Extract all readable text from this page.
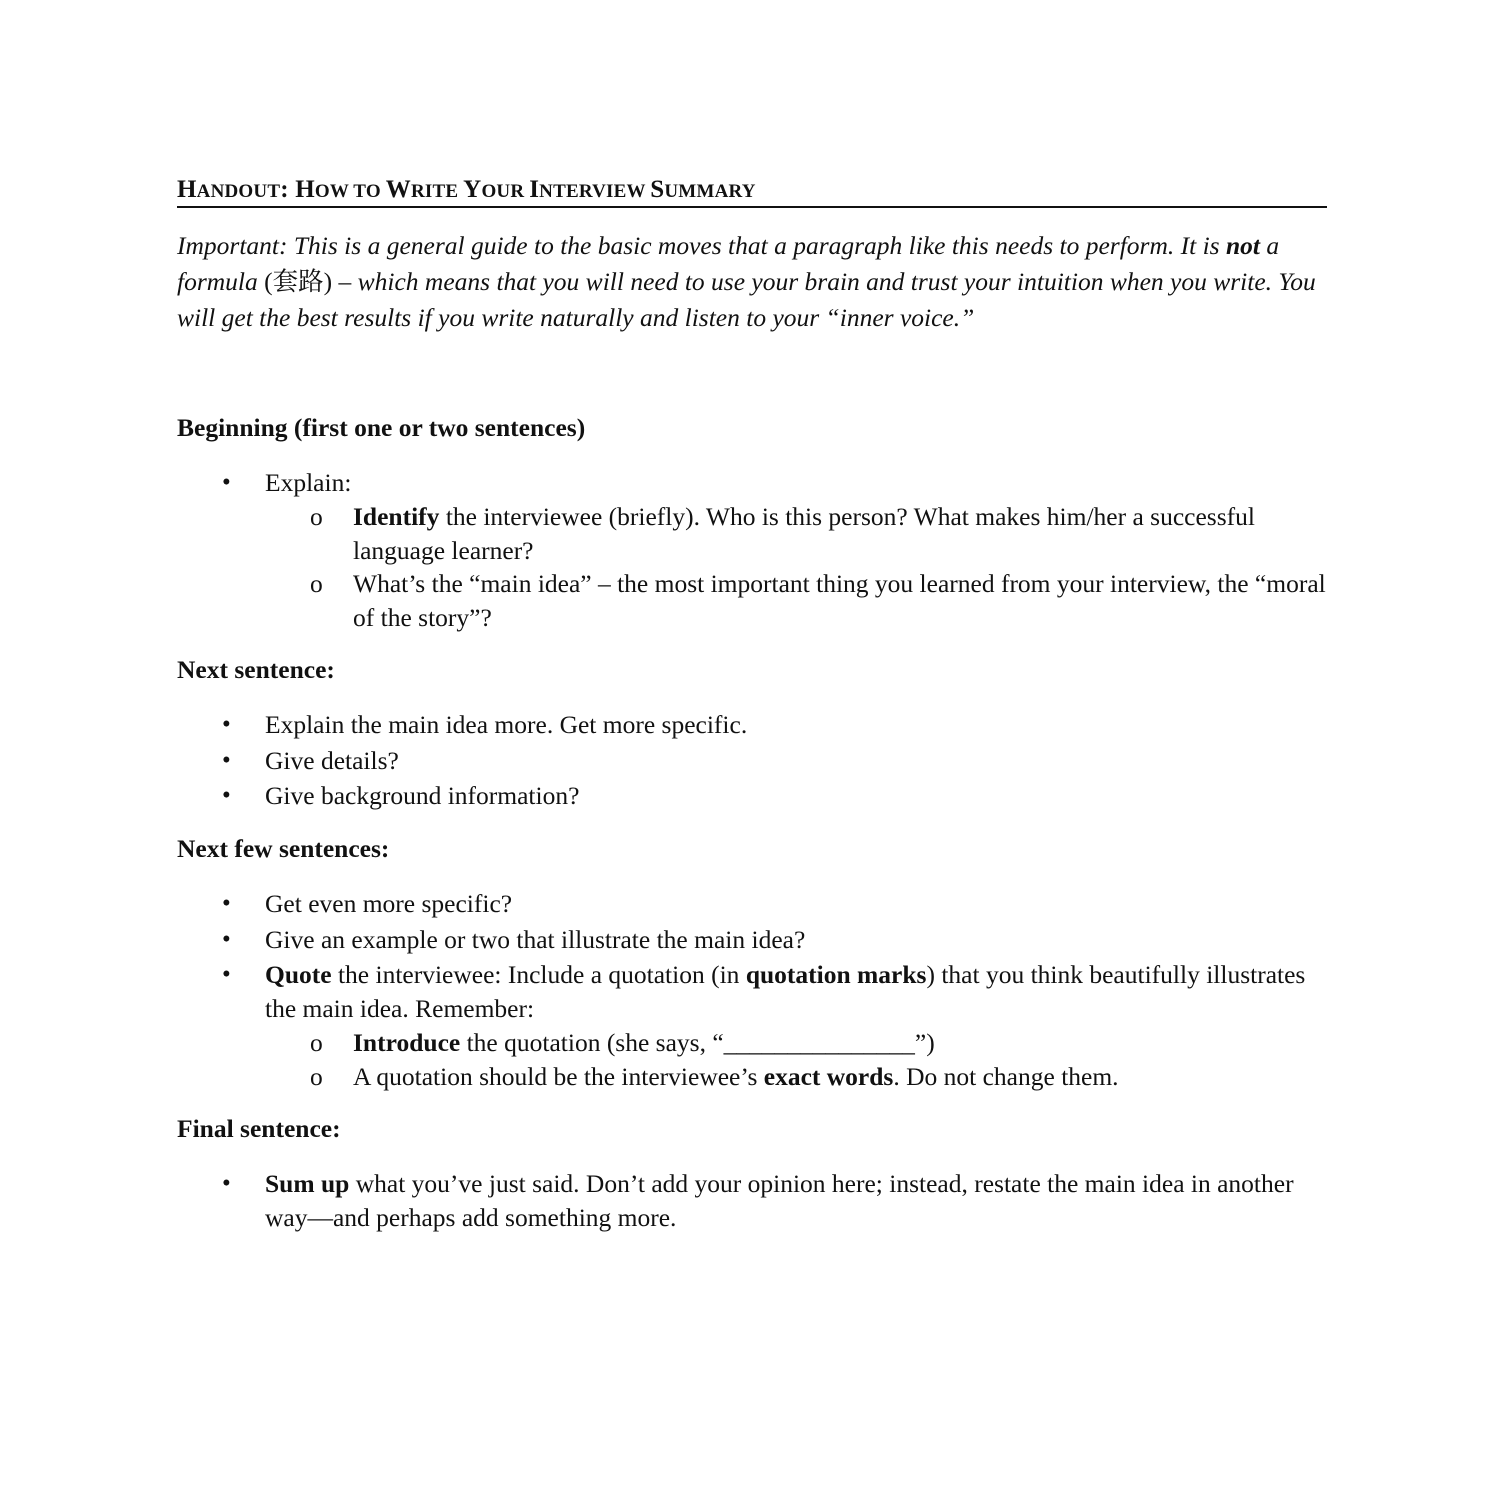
HANDOUT: HOW TO WRITE YOUR INTERVIEW SUMMARY

Important: This is a general guide to the basic moves that a paragraph like this needs to perform. It is not a formula (套路) – which means that you will need to use your brain and trust your intuition when you write. You will get the best results if you write naturally and listen to your “inner voice.”

Beginning (first one or two sentences)
• Explain:
o Identify the interviewee (briefly). Who is this person? What makes him/her a successful language learner?
o What’s the “main idea” – the most important thing you learned from your interview, the “moral of the story”?
Next sentence:
• Explain the main idea more. Get more specific.
• Give details?
• Give background information?
Next few sentences:
• Get even more specific?
• Give an example or two that illustrate the main idea?
• Quote the interviewee: Include a quotation (in quotation marks) that you think beautifully illustrates the main idea. Remember:
o Introduce the quotation (she says, “_______________”)
o A quotation should be the interviewee’s exact words. Do not change them.
Final sentence:
• Sum up what you’ve just said. Don’t add your opinion here; instead, restate the main idea in another way—and perhaps add something more.
